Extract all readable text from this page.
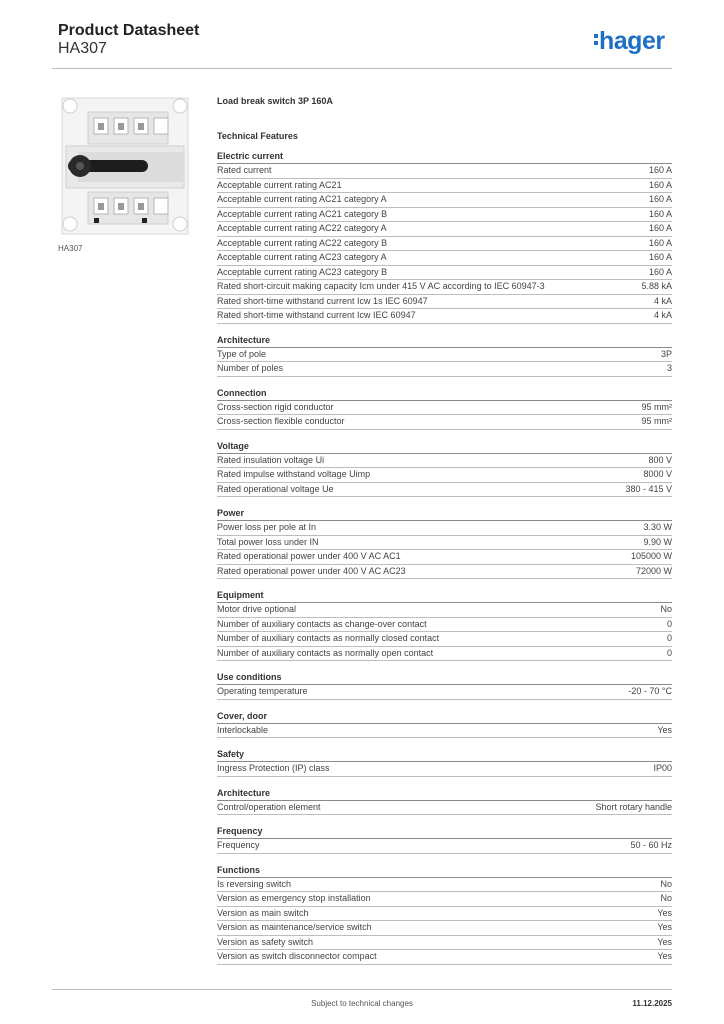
Product Datasheet
HA307	hager
HA307
Load break switch 3P 160A
Technical Features
Electric current
Rated current	160 A
Acceptable current rating AC21	160 A
Acceptable current rating AC21 category A	160 A
Acceptable current rating AC21 category B	160 A
Acceptable current rating AC22 category A	160 A
Acceptable current rating AC22 category B	160 A
Acceptable current rating AC23 category A	160 A
Acceptable current rating AC23 category B	160 A
Rated short-circuit making capacity Icm under 415 V AC according to IEC 60947-3	5.88 kA
Rated short-time withstand current Icw 1s IEC 60947	4 kA
Rated short-time withstand current Icw IEC 60947	4 kA
Architecture
Type of pole	3P
Number of poles	3
Connection
Cross-section rigid conductor	95 mm²
Cross-section flexible conductor	95 mm²
Voltage
Rated insulation voltage Ui	800 V
Rated impulse withstand voltage Uimp	8000 V
Rated operational voltage Ue	380 - 415 V
Power
Power loss per pole at In	3.30 W
Total power loss under IN	9.90 W
Rated operational power under 400 V AC AC1	105000 W
Rated operational power under 400 V AC AC23	72000 W
Equipment
Motor drive optional	No
Number of auxiliary contacts as change-over contact	0
Number of auxiliary contacts as normally closed contact	0
Number of auxiliary contacts as normally open contact	0
Use conditions
Operating temperature	-20 - 70 °C
Cover, door
Interlockable	Yes
Safety
Ingress Protection (IP) class	IP00
Architecture
Control/operation element	Short rotary handle
Frequency
Frequency	50 - 60 Hz
Functions
Is reversing switch	No
Version as emergency stop installation	No
Version as main switch	Yes
Version as maintenance/service switch	Yes
Version as safety switch	Yes
Version as switch disconnector compact	Yes
Subject to technical changes	11.12.2025
